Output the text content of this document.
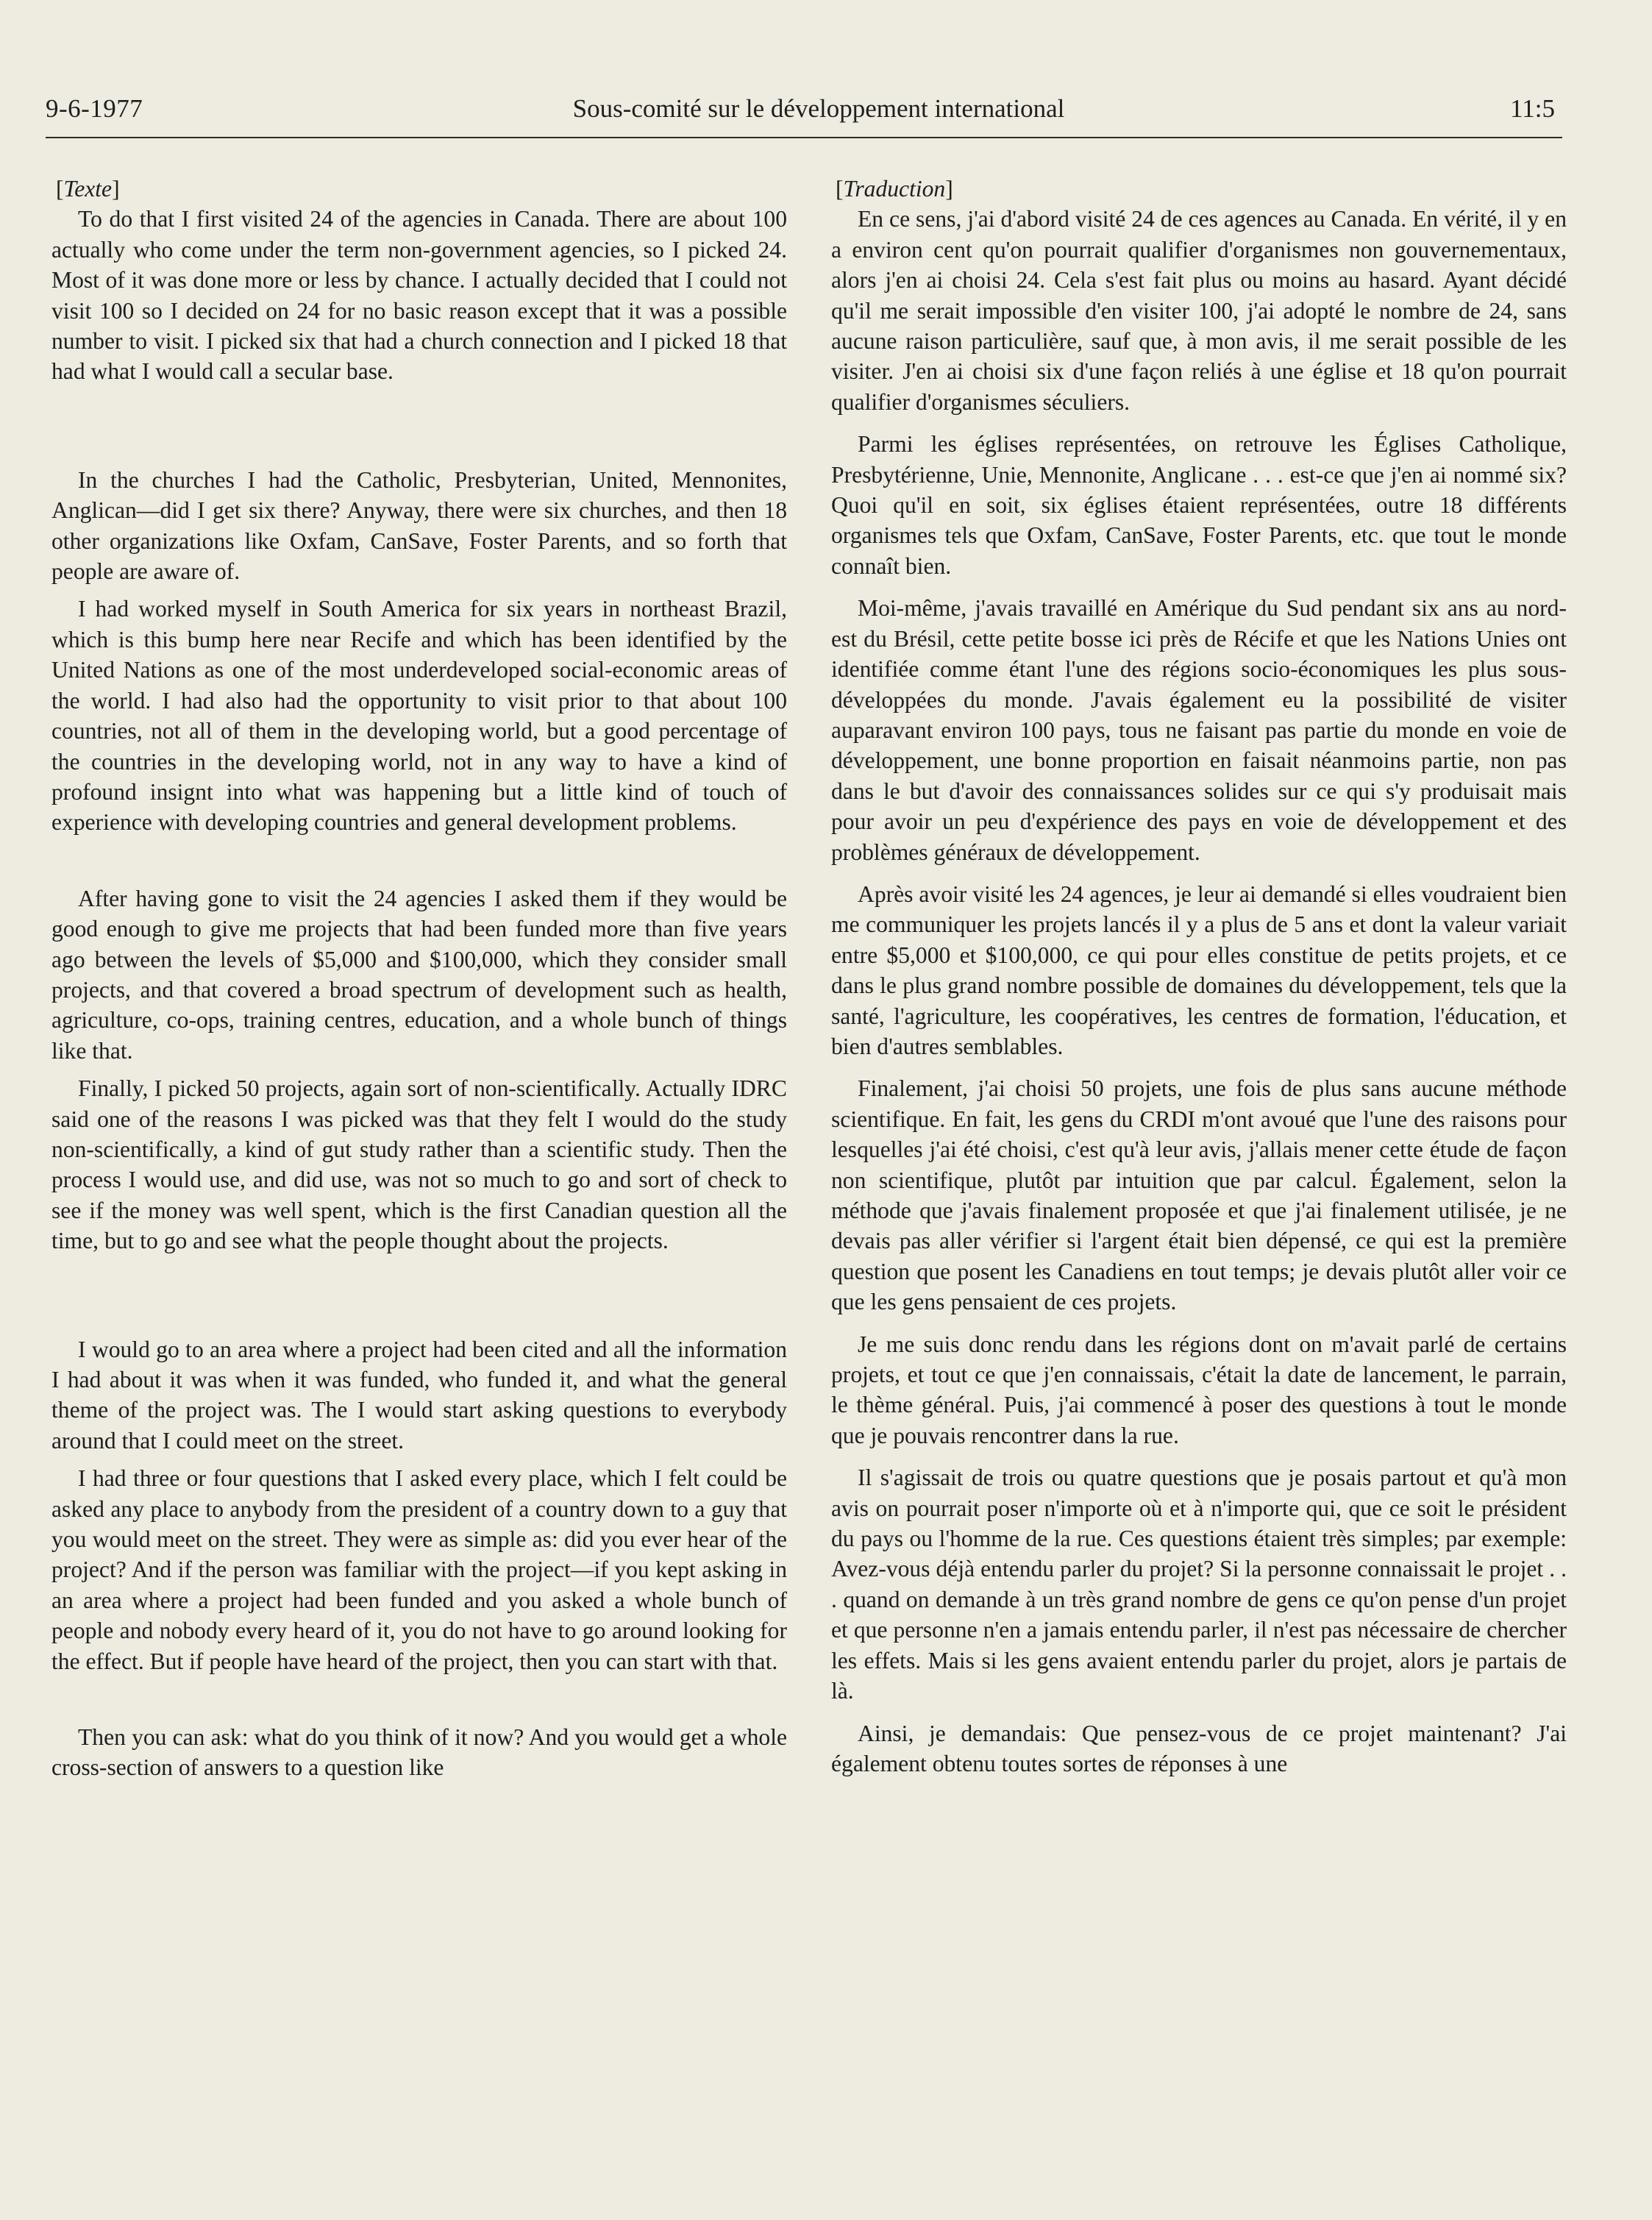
9-6-1977	Sous-comité sur le développement international	11:5
[Texte]

To do that I first visited 24 of the agencies in Canada. There are about 100 actually who come under the term non-government agencies, so I picked 24. Most of it was done more or less by chance. I actually decided that I could not visit 100 so I decided on 24 for no basic reason except that it was a possible number to visit. I picked six that had a church connection and I picked 18 that had what I would call a secular base.

In the churches I had the Catholic, Presbyterian, United, Mennonites, Anglican—did I get six there? Anyway, there were six churches, and then 18 other organizations like Oxfam, CanSave, Foster Parents, and so forth that people are aware of.

I had worked myself in South America for six years in northeast Brazil, which is this bump here near Recife and which has been identified by the United Nations as one of the most underdeveloped social-economic areas of the world. I had also had the opportunity to visit prior to that about 100 countries, not all of them in the developing world, but a good percentage of the countries in the developing world, not in any way to have a kind of profound insignt into what was happening but a little kind of touch of experience with developing countries and general development problems.

After having gone to visit the 24 agencies I asked them if they would be good enough to give me projects that had been funded more than five years ago between the levels of $5,000 and $100,000, which they consider small projects, and that covered a broad spectrum of development such as health, agriculture, co-ops, training centres, education, and a whole bunch of things like that.

Finally, I picked 50 projects, again sort of non-scientifically. Actually IDRC said one of the reasons I was picked was that they felt I would do the study non-scientifically, a kind of gut study rather than a scientific study. Then the process I would use, and did use, was not so much to go and sort of check to see if the money was well spent, which is the first Canadian question all the time, but to go and see what the people thought about the projects.

I would go to an area where a project had been cited and all the information I had about it was when it was funded, who funded it, and what the general theme of the project was. The I would start asking questions to everybody around that I could meet on the street.

I had three or four questions that I asked every place, which I felt could be asked any place to anybody from the president of a country down to a guy that you would meet on the street. They were as simple as: did you ever hear of the project? And if the person was familiar with the project—if you kept asking in an area where a project had been funded and you asked a whole bunch of people and nobody every heard of it, you do not have to go around looking for the effect. But if people have heard of the project, then you can start with that.

Then you can ask: what do you think of it now? And you would get a whole cross-section of answers to a question like

[Traduction]

En ce sens, j'ai d'abord visité 24 de ces agences au Canada. En vérité, il y en a environ cent qu'on pourrait qualifier d'organismes non gouvernementaux, alors j'en ai choisi 24. Cela s'est fait plus ou moins au hasard. Ayant décidé qu'il me serait impossible d'en visiter 100, j'ai adopté le nombre de 24, sans aucune raison particulière, sauf que, à mon avis, il me serait possible de les visiter. J'en ai choisi six d'une façon reliés à une église et 18 qu'on pourrait qualifier d'organismes séculiers.

Parmi les églises représentées, on retrouve les Églises Catholique, Presbytérienne, Unie, Mennonite, Anglicane . . . est-ce que j'en ai nommé six? Quoi qu'il en soit, six églises étaient représentées, outre 18 différents organismes tels que Oxfam, CanSave, Foster Parents, etc. que tout le monde connaît bien.

Moi-même, j'avais travaillé en Amérique du Sud pendant six ans au nord-est du Brésil, cette petite bosse ici près de Récife et que les Nations Unies ont identifiée comme étant l'une des régions socio-économiques les plus sous-développées du monde. J'avais également eu la possibilité de visiter auparavant environ 100 pays, tous ne faisant pas partie du monde en voie de développement, une bonne proportion en faisait néanmoins partie, non pas dans le but d'avoir des connaissances solides sur ce qui s'y produisait mais pour avoir un peu d'expérience des pays en voie de développement et des problèmes généraux de développement.

Après avoir visité les 24 agences, je leur ai demandé si elles voudraient bien me communiquer les projets lancés il y a plus de 5 ans et dont la valeur variait entre $5,000 et $100,000, ce qui pour elles constitue de petits projets, et ce dans le plus grand nombre possible de domaines du développement, tels que la santé, l'agriculture, les coopératives, les centres de formation, l'éducation, et bien d'autres semblables.

Finalement, j'ai choisi 50 projets, une fois de plus sans aucune méthode scientifique. En fait, les gens du CRDI m'ont avoué que l'une des raisons pour lesquelles j'ai été choisi, c'est qu'à leur avis, j'allais mener cette étude de façon non scientifique, plutôt par intuition que par calcul. Également, selon la méthode que j'avais finalement proposée et que j'ai finalement utilisée, je ne devais pas aller vérifier si l'argent était bien dépensé, ce qui est la première question que posent les Canadiens en tout temps; je devais plutôt aller voir ce que les gens pensaient de ces projets.

Je me suis donc rendu dans les régions dont on m'avait parlé de certains projets, et tout ce que j'en connaissais, c'était la date de lancement, le parrain, le thème général. Puis, j'ai commencé à poser des questions à tout le monde que je pouvais rencontrer dans la rue.

Il s'agissait de trois ou quatre questions que je posais partout et qu'à mon avis on pourrait poser n'importe où et à n'importe qui, que ce soit le président du pays ou l'homme de la rue. Ces questions étaient très simples; par exemple: Avez-vous déjà entendu parler du projet? Si la personne connaissait le projet . . . quand on demande à un très grand nombre de gens ce qu'on pense d'un projet et que personne n'en a jamais entendu parler, il n'est pas nécessaire de chercher les effets. Mais si les gens avaient entendu parler du projet, alors je partais de là.

Ainsi, je demandais: Que pensez-vous de ce projet maintenant? J'ai également obtenu toutes sortes de réponses à une
